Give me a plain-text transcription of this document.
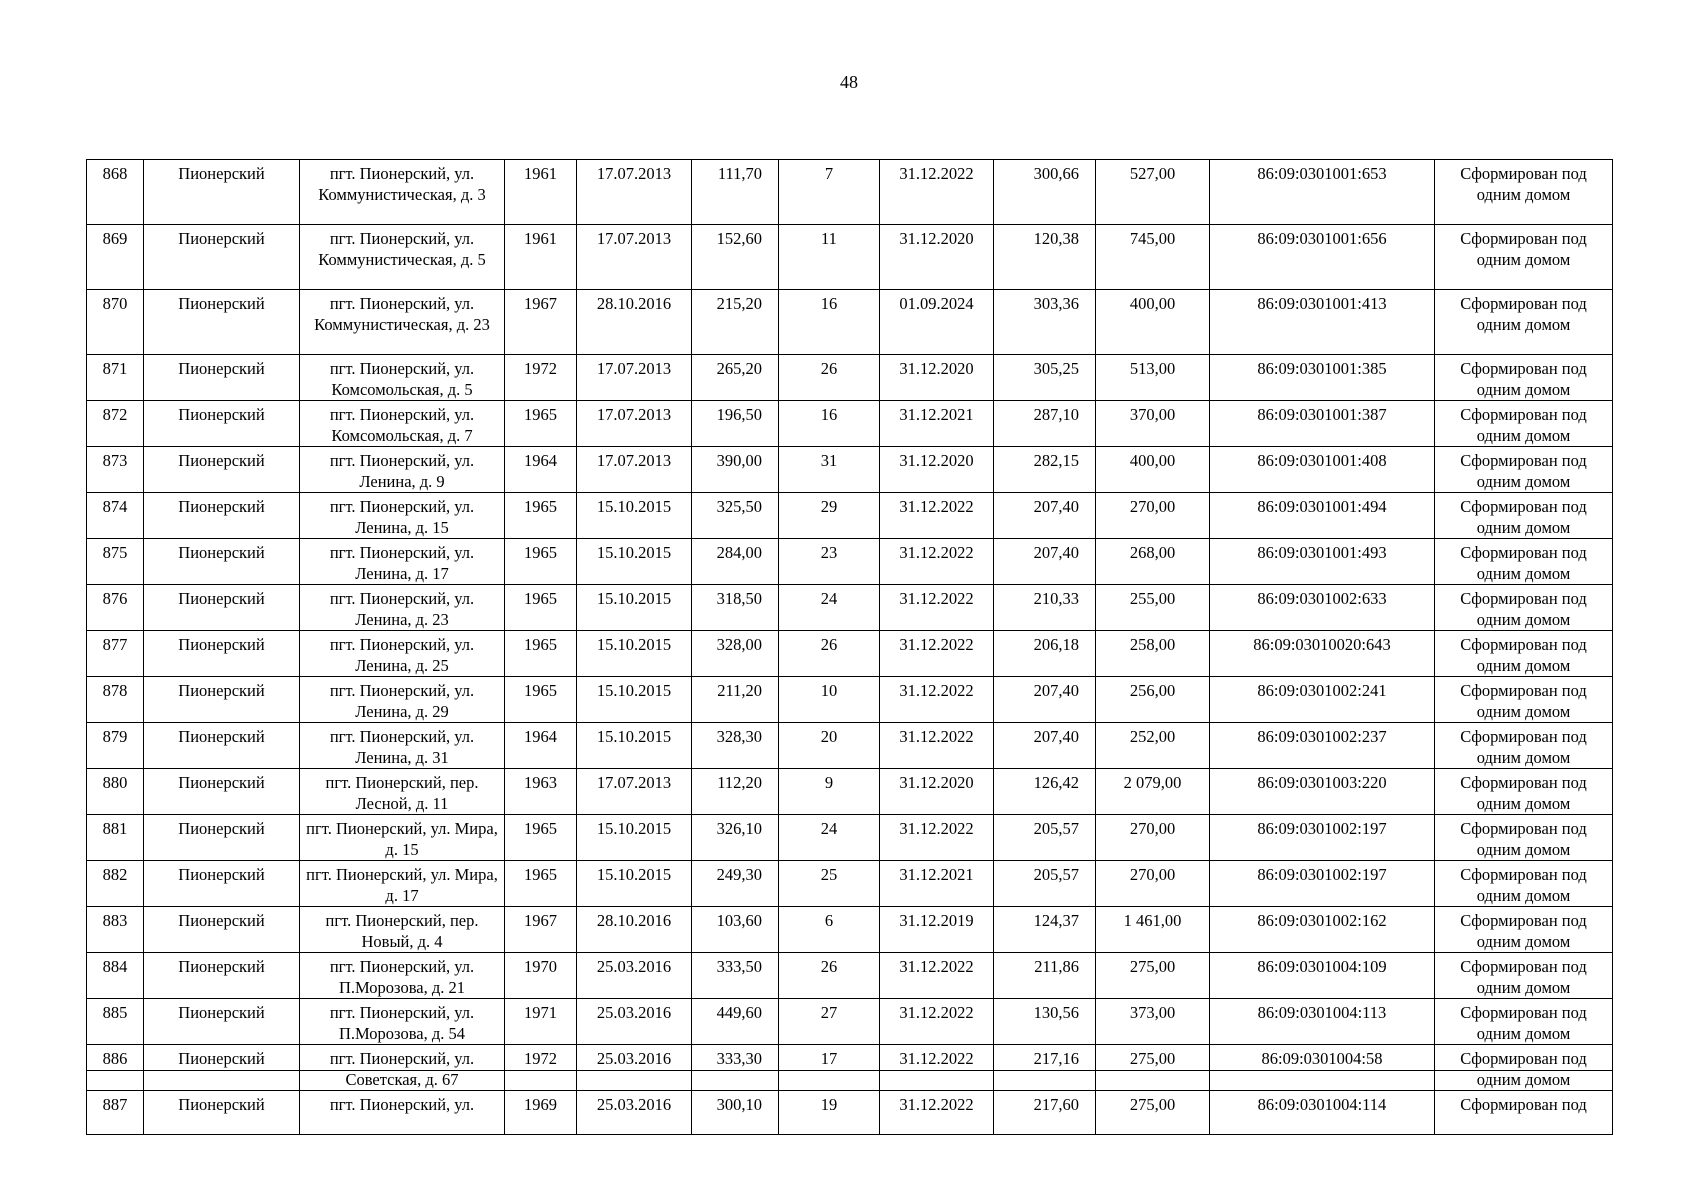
48
868	Пионерский	пгт. Пионерский, ул. Коммунистическая, д. 3	1961	17.07.2013	111,70	7	31.12.2022	300,66	527,00	86:09:0301001:653	Сформирован под одним домом
869	Пионерский	пгт. Пионерский, ул. Коммунистическая, д. 5	1961	17.07.2013	152,60	11	31.12.2020	120,38	745,00	86:09:0301001:656	Сформирован под одним домом
870	Пионерский	пгт. Пионерский, ул. Коммунистическая, д. 23	1967	28.10.2016	215,20	16	01.09.2024	303,36	400,00	86:09:0301001:413	Сформирован под одним домом
871	Пионерский	пгт. Пионерский, ул. Комсомольская, д. 5	1972	17.07.2013	265,20	26	31.12.2020	305,25	513,00	86:09:0301001:385	Сформирован под одним домом
872	Пионерский	пгт. Пионерский, ул. Комсомольская, д. 7	1965	17.07.2013	196,50	16	31.12.2021	287,10	370,00	86:09:0301001:387	Сформирован под одним домом
873	Пионерский	пгт. Пионерский, ул. Ленина, д. 9	1964	17.07.2013	390,00	31	31.12.2020	282,15	400,00	86:09:0301001:408	Сформирован под одним домом
874	Пионерский	пгт. Пионерский, ул. Ленина, д. 15	1965	15.10.2015	325,50	29	31.12.2022	207,40	270,00	86:09:0301001:494	Сформирован под одним домом
875	Пионерский	пгт. Пионерский, ул. Ленина, д. 17	1965	15.10.2015	284,00	23	31.12.2022	207,40	268,00	86:09:0301001:493	Сформирован под одним домом
876	Пионерский	пгт. Пионерский, ул. Ленина, д. 23	1965	15.10.2015	318,50	24	31.12.2022	210,33	255,00	86:09:0301002:633	Сформирован под одним домом
877	Пионерский	пгт. Пионерский, ул. Ленина, д. 25	1965	15.10.2015	328,00	26	31.12.2022	206,18	258,00	86:09:03010020:643	Сформирован под одним домом
878	Пионерский	пгт. Пионерский, ул. Ленина, д. 29	1965	15.10.2015	211,20	10	31.12.2022	207,40	256,00	86:09:0301002:241	Сформирован под одним домом
879	Пионерский	пгт. Пионерский, ул. Ленина, д. 31	1964	15.10.2015	328,30	20	31.12.2022	207,40	252,00	86:09:0301002:237	Сформирован под одним домом
880	Пионерский	пгт. Пионерский, пер. Лесной, д. 11	1963	17.07.2013	112,20	9	31.12.2020	126,42	2 079,00	86:09:0301003:220	Сформирован под одним домом
881	Пионерский	пгт. Пионерский, ул. Мира, д. 15	1965	15.10.2015	326,10	24	31.12.2022	205,57	270,00	86:09:0301002:197	Сформирован под одним домом
882	Пионерский	пгт. Пионерский, ул. Мира, д. 17	1965	15.10.2015	249,30	25	31.12.2021	205,57	270,00	86:09:0301002:197	Сформирован под одним домом
883	Пионерский	пгт. Пионерский, пер. Новый, д. 4	1967	28.10.2016	103,60	6	31.12.2019	124,37	1 461,00	86:09:0301002:162	Сформирован под одним домом
884	Пионерский	пгт. Пионерский, ул. П.Морозова, д. 21	1970	25.03.2016	333,50	26	31.12.2022	211,86	275,00	86:09:0301004:109	Сформирован под одним домом
885	Пионерский	пгт. Пионерский, ул. П.Морозова, д. 54	1971	25.03.2016	449,60	27	31.12.2022	130,56	373,00	86:09:0301004:113	Сформирован под одним домом
886	Пионерский	пгт. Пионерский, ул. Советская, д. 67	1972	25.03.2016	333,30	17	31.12.2022	217,16	275,00	86:09:0301004:58	Сформирован под одним домом
887	Пионерский	пгт. Пионерский, ул.	1969	25.03.2016	300,10	19	31.12.2022	217,60	275,00	86:09:0301004:114	Сформирован под
